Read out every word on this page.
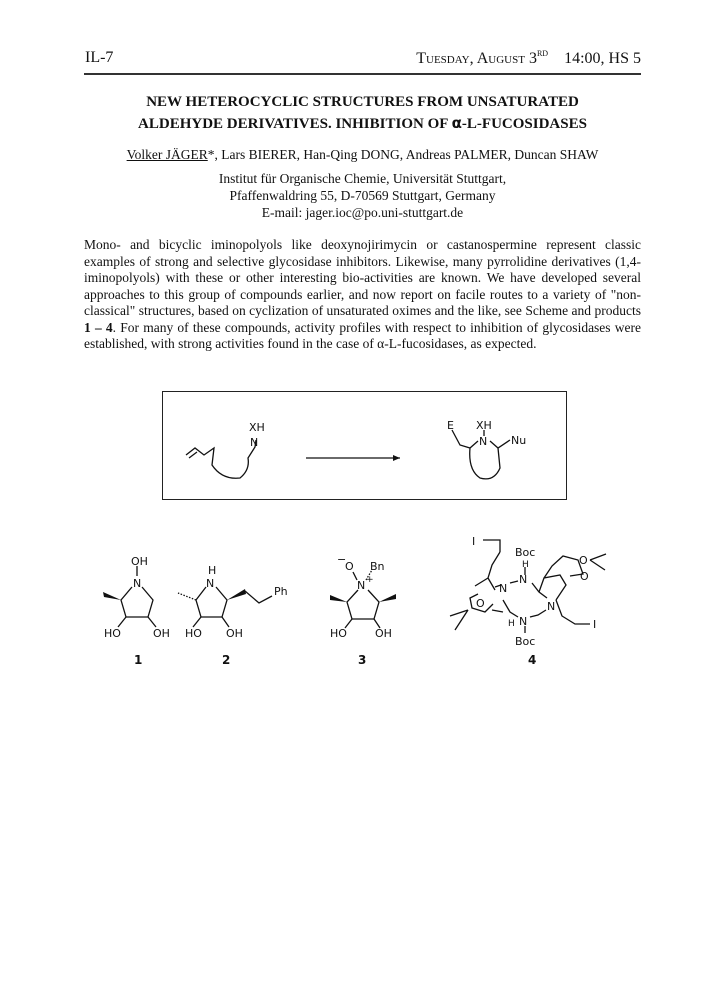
IL-7	Tuesday, August 3RD 14:00, HS 5
NEW HETEROCYCLIC STRUCTURES FROM UNSATURATED
ALDEHYDE DERIVATIVES. INHIBITION OF α-L-FUCOSIDASES
Volker JÄGER*, Lars BIERER, Han-Qing DONG, Andreas PALMER, Duncan SHAW
Institut für Organische Chemie, Universität Stuttgart,
Pfaffenwaldring 55, D-70569 Stuttgart, Germany
E-mail: jager.ioc@po.uni-stuttgart.de
Mono- and bicyclic iminopolyols like deoxynojirimycin or castanospermine represent classic examples of strong and selective glycosidase inhibitors. Likewise, many pyrrolidine derivatives (1,4-iminopolyols) with these or other interesting bio-activities are known. We have developed several approaches to this group of compounds earlier, and now report on facile routes to a variety of "non-classical" structures, based on cyclization of unsaturated oximes and the like, see Scheme and products 1 – 4. For many of these compounds, activity profiles with respect to inhibition of glycosidases were established, with strong activities found in the case of α-L-fucosidases, as expected.
XH
N
E XH
N Nu
OH
N
HO	OH
1
H
N
Ph
HO OH
2
−
O Bn
N +
HO	OH
3
I
Boc
H
N
N
N
N
O
O
O
H
Boc
I
4
